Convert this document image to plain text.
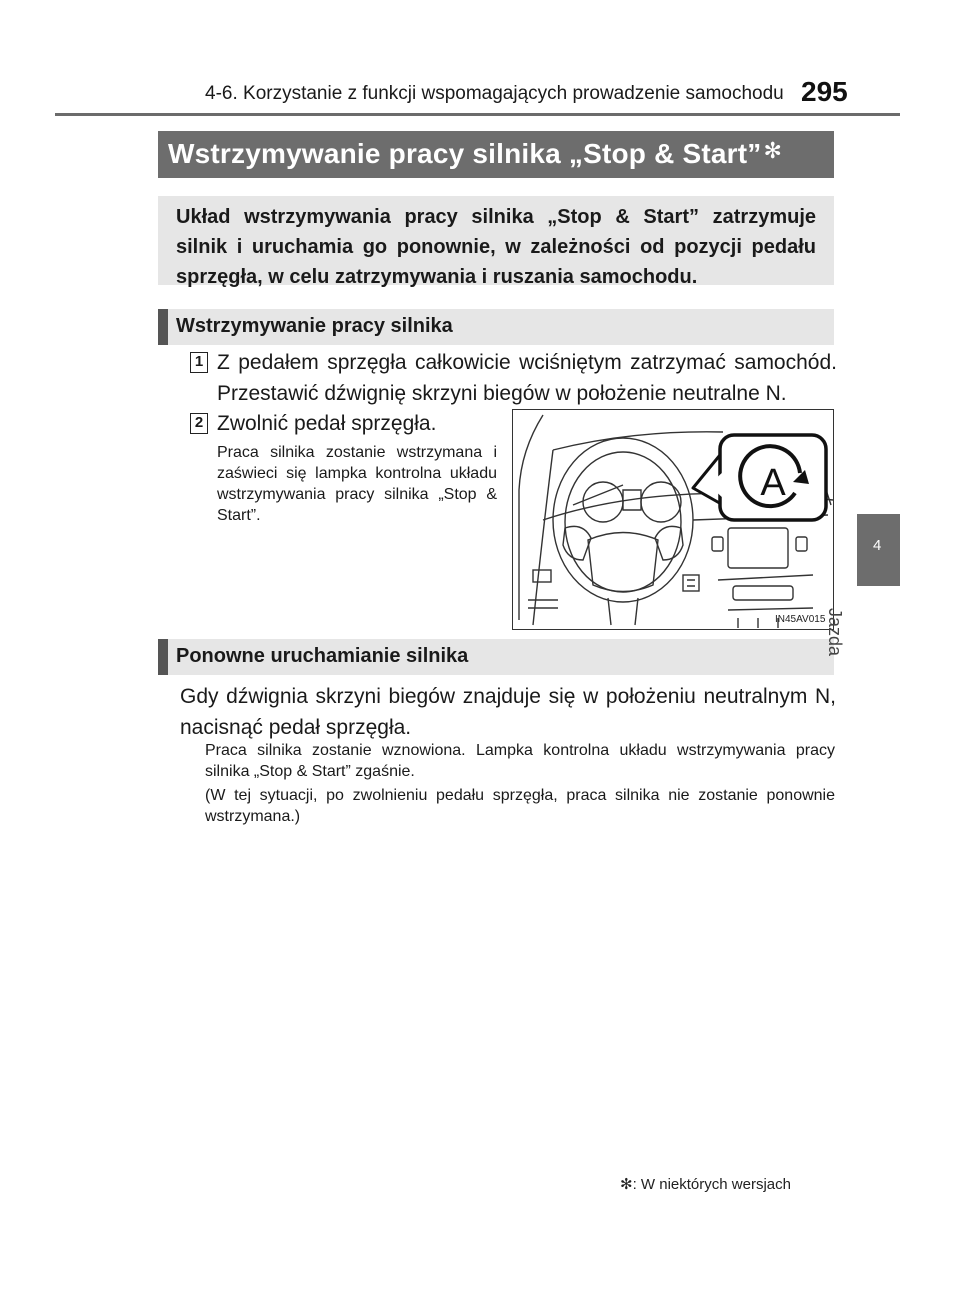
4-6. Korzystanie z funkcji wspomagających prowadzenie samochodu 295
Wstrzymywanie pracy silnika „Stop & Start”✻
Układ wstrzymywania pracy silnika „Stop & Start” zatrzymuje silnik i uruchamia go ponownie, w zależności od pozycji pedału sprzęgła, w celu zatrzymywania i ruszania samochodu.
Wstrzymywanie pracy silnika
1 Z pedałem sprzęgła całkowicie wciśniętym zatrzymać samochód. Przestawić dźwignię skrzyni biegów w położenie neutralne N.
2 Zwolnić pedał sprzęgła.
Praca silnika zostanie wstrzymana i zaświeci się lampka kontrolna układu wstrzymywania pracy silnika „Stop & Start”.
A
IN45AV015
Ponowne uruchamianie silnika
Gdy dźwignia skrzyni biegów znajduje się w położeniu neutralnym N, nacisnąć pedał sprzęgła.
Praca silnika zostanie wznowiona. Lampka kontrolna układu wstrzymywania pracy silnika „Stop & Start” zgaśnie.
(W tej sytuacji, po zwolnieniu pedału sprzęgła, praca silnika nie zostanie ponownie wstrzymana.)
4
Jazda
✻: W niektórych wersjach
